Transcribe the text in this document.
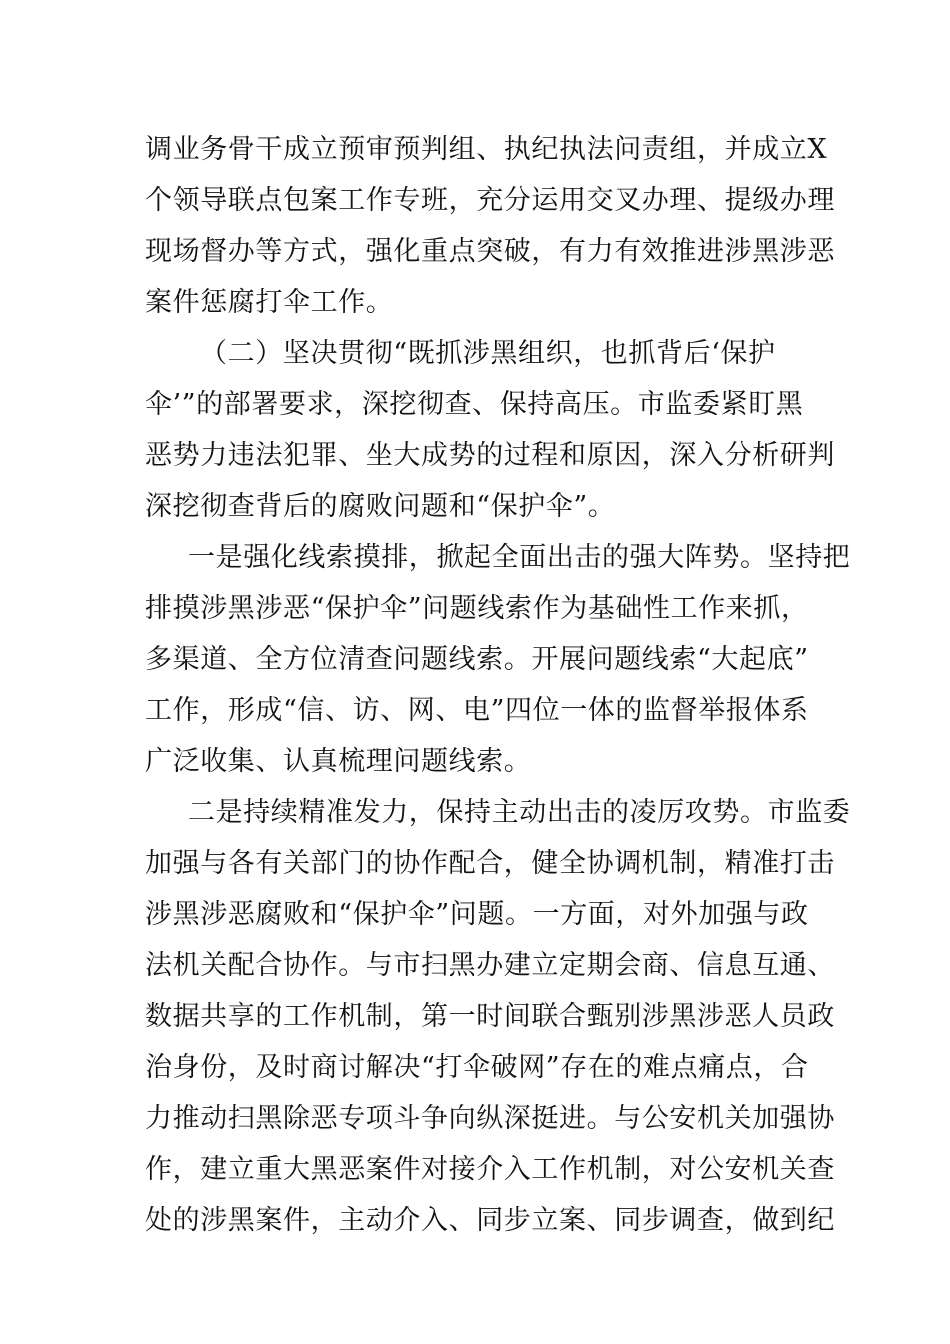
调业务骨干成立预审预判组、执纪执法问责组，并成立X
个领导联点包案工作专班，充分运用交叉办理、提级办理
现场督办等方式，强化重点突破，有力有效推进涉黑涉恶
案件惩腐打伞工作。
（二）坚决贯彻“既抓涉黑组织，也抓背后‘保护
伞’”的部署要求，深挖彻查、保持高压。市监委紧盯黑
恶势力违法犯罪、坐大成势的过程和原因，深入分析研判
深挖彻查背后的腐败问题和“保护伞”。
一是强化线索摸排，掀起全面出击的强大阵势。坚持把
排摸涉黑涉恶“保护伞”问题线索作为基础性工作来抓，
多渠道、全方位清查问题线索。开展问题线索“大起底”
工作，形成“信、访、网、电”四位一体的监督举报体系
广泛收集、认真梳理问题线索。
二是持续精准发力，保持主动出击的凌厉攻势。市监委
加强与各有关部门的协作配合，健全协调机制，精准打击
涉黑涉恶腐败和“保护伞”问题。一方面，对外加强与政
法机关配合协作。与市扫黑办建立定期会商、信息互通、
数据共享的工作机制，第一时间联合甄别涉黑涉恶人员政
治身份，及时商讨解决“打伞破网”存在的难点痛点，合
力推动扫黑除恶专项斗争向纵深挺进。与公安机关加强协
作，建立重大黑恶案件对接介入工作机制，对公安机关查
处的涉黑案件，主动介入、同步立案、同步调查，做到纪
